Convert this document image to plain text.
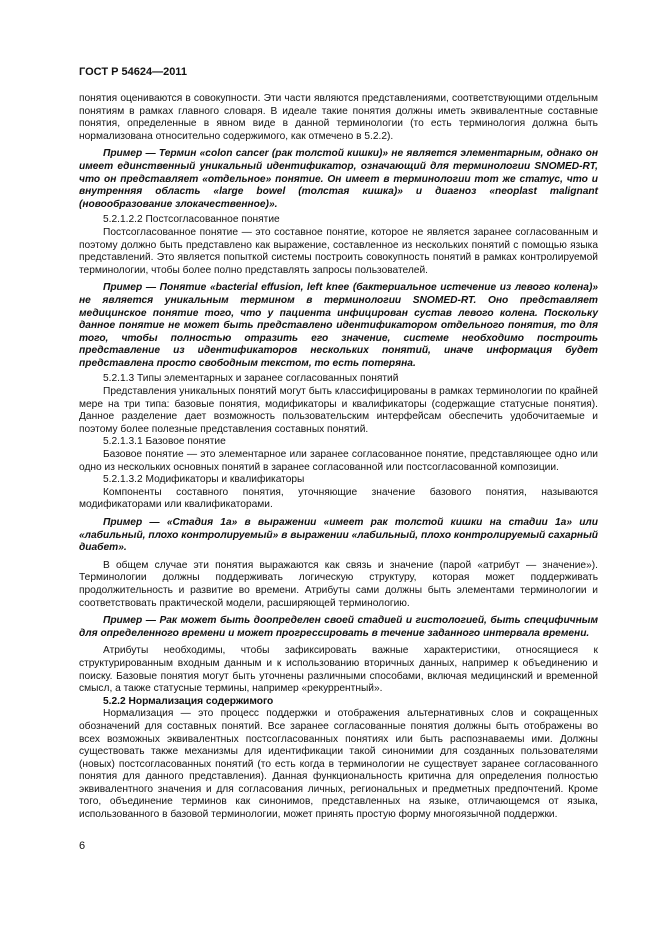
ГОСТ Р 54624—2011

понятия оцениваются в совокупности. Эти части являются представлениями, соответствующими отдельным понятиям в рамках главного словаря. В идеале такие понятия должны иметь эквивалентные составные понятия, определенные в явном виде в данной терминологии (то есть терминология должна быть нормализована относительно содержимого, как отмечено в 5.2.2).

Пример — Термин «colon cancer (рак толстой кишки)» не является элементарным, однако он имеет единственный уникальный идентификатор, означающий для терминологии SNOMED-RT, что он представляет «отдельное» понятие. Он имеет в терминологии тот же статус, что и внутренняя область «large bowel (толстая кишка)» и диагноз «neoplast malignant (новообразование злокачественное)».

5.2.1.2.2 Постсогласованное понятие

Постсогласованное понятие — это составное понятие, которое не является заранее согласованным и поэтому должно быть представлено как выражение, составленное из нескольких понятий с помощью языка представлений. Это является попыткой системы построить совокупность понятий в рамках контролируемой терминологии, чтобы более полно представлять запросы пользователей.

Пример — Понятие «bacterial effusion, left knee (бактериальное истечение из левого колена)» не является уникальным термином в терминологии SNOMED-RT. Оно представляет медицинское понятие того, что у пациента инфицирован сустав левого колена. Поскольку данное понятие не может быть представлено идентификатором отдельного понятия, то для того, чтобы полностью отразить его значение, системе необходимо построить представление из идентификаторов нескольких понятий, иначе информация будет представлена просто свободным текстом, то есть потеряна.

5.2.1.3 Типы элементарных и заранее согласованных понятий

Представления уникальных понятий могут быть классифицированы в рамках терминологии по крайней мере на три типа: базовые понятия, модификаторы и квалификаторы (содержащие статусные понятия). Данное разделение дает возможность пользовательским интерфейсам обеспечить удобочитаемые и поэтому более полезные представления составных понятий.

5.2.1.3.1 Базовое понятие

Базовое понятие — это элементарное или заранее согласованное понятие, представляющее одно или одно из нескольких основных понятий в заранее согласованной или постсогласованной композиции.

5.2.1.3.2 Модификаторы и квалификаторы

Компоненты составного понятия, уточняющие значение базового понятия, называются модификаторами или квалификаторами.

Пример — «Стадия 1а» в выражении «имеет рак толстой кишки на стадии 1а» или «лабильный, плохо контролируемый» в выражении «лабильный, плохо контролируемый сахарный диабет».

В общем случае эти понятия выражаются как связь и значение (парой «атрибут — значение»). Терминологии должны поддерживать логическую структуру, которая может поддерживать продолжительность и развитие во времени. Атрибуты сами должны быть элементами терминологии и соответствовать практической модели, расширяющей терминологию.

Пример — Рак может быть доопределен своей стадией и гистологией, быть специфичным для определенного времени и может прогрессировать в течение заданного интервала времени.

Атрибуты необходимы, чтобы зафиксировать важные характеристики, относящиеся к структурированным входным данным и к использованию вторичных данных, например к объединению и поиску. Базовые понятия могут быть уточнены различными способами, включая медицинский и временной смысл, а также статусные термины, например «рекуррентный».

5.2.2 Нормализация содержимого

Нормализация — это процесс поддержки и отображения альтернативных слов и сокращенных обозначений для составных понятий. Все заранее согласованные понятия должны быть отображены во всех возможных эквивалентных постсогласованных понятиях или быть распознаваемы ими. Должны существовать также механизмы для идентификации такой синонимии для созданных пользователями (новых) постсогласованных понятий (то есть когда в терминологии не существует заранее согласованного понятия для данного представления). Данная функциональность критична для определения полностью эквивалентного значения и для согласования личных, региональных и предметных предпочтений. Кроме того, объединение терминов как синонимов, представленных на языке, отличающемся от языка, использованного в базовой терминологии, может принять простую форму многоязычной поддержки.

6
